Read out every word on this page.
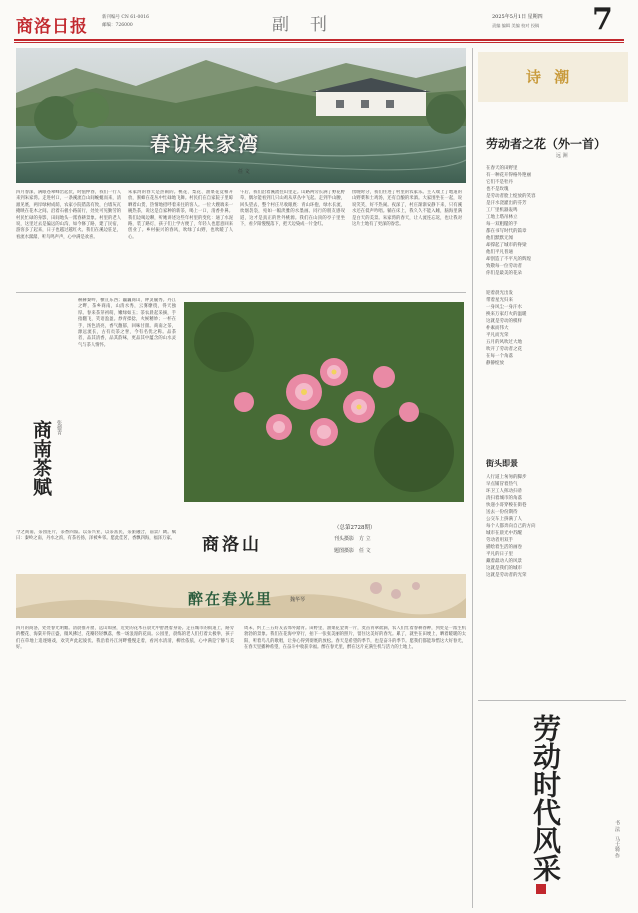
商洛日报	新刊编号 CN 61-0016
邮编：726000	副　刊	2025年5月1日 星期四
责编 编辑 美编 校对 投稿 7
春访朱家湾
任 文
四月春深，满眼苍翠峰峦起伏，时值仲春，我们一行人来到朱家湾。走进村口，一条溪流自山间蜿蜒而来，清澈见底，两岸绿树成荫，农家小院错落有致，白墙灰瓦掩映在花木之间。沿着石板小路前行，处处可见勤劳的村民忙碌的身影，田间地头一派春耕景象。村里的老人说，这里过去是偏远的山沟，如今修了路，建了民宿，游客多了起来，日子也越过越红火。我们在溪边驻足，看流水潺潺，听鸟鸣声声，心中满是欢喜。
朱家湾的春天是热闹的。桃花、梨花、油菜花竞相开放，蜜蜂在花丛中忙碌地飞舞。村民们在自家院子里晾晒着山货，热情地招呼着来往的客人。一位大嫂端来一碗热茶，说这是自家种的新茶，喝上一口，清香扑鼻。我们边喝边聊，听她讲述这些年村里的变化：通了水泥路，装了路灯，孩子们上学方便了，年轻人也愿意回来创业了。乡村振兴的春风，吹绿了山野，也吹暖了人心。
午后，我们沿着溪流往山里走。山路两旁长满了野花野草，偶尔能看到几只山鸡从草丛中飞起。走到半山腰，回头望去，整个村庄尽收眼底：青山环抱，绿水长流，炊烟袅袅，宛如一幅淡雅的水墨画。同行的朋友感叹道，这才是真正的世外桃源。我们在山顶的亭子里坐下，看夕阳慢慢落下，把天边染成一片金红。
傍晚时分，我们住进了村里的农家乐。主人端上了地道的山野菜和土鸡汤，还有自酿的米酒。大家围坐在一起，说说笑笑，好不热闹。夜深了，村庄渐渐安静下来，只有溪水还在低声吟唱。躺在床上，我久久不能入睡，脑海里满是白天的美景。朱家湾的春天，让人流连忘返，也让我对这片土地有了更深的眷恋。
商南茶赋 张德青
赫赫秦岭，横亘东西；巍巍商山，钟灵毓秀。丹江之畔，茶乡商南，山清水秀，云雾缭绕，得天独厚。春来茶芽初萌，嫩绿如玉；茶农晨起采摘，手指翻飞，笑语盈盈。炒青揉捻，火候精妙；一杯在手，汤色清亮，香气馥郁，回味甘甜。商南之茶，源远流长，古有贡茶之誉，今有名优之称。品茶者，品其清香，品其韵味，更品其中蕴含的山水灵气与茶人情怀。
今之商南，茶园连片，茶香四溢。以茶兴业，以茶富民，茶旅融合，前景广阔。赋曰：秦岭之南，丹水之滨，有茶名扬，泽被乡邻。愿此佳茗，香飘四海，福泽万家。 商洛山
（总第2728期）
刊头摄影　方 立
题图摄影　任 文
醉在春光里	魏华琴
四月的商洛，处处春光明媚。清晨推开窗，远山如黛，近处的花木在晨光中舒展着身姿。走在城市的街道上，路旁的樱花、海棠开得正盛，微风拂过，花瓣轻轻飘落，像一场浪漫的花雨。公园里，晨练的老人们打着太极拳，孩子们在草地上追逐嬉戏，欢笑声此起彼伏。我沿着丹江河畔慢慢走着，看河水清清，柳丝依依，心中满是宁静与美好。
周末，约上三五好友去郊外踏青。田野里，油菜花金黄一片，麦苗青翠欲滴，农人们忙着春耕春种，到处是一派生机勃勃的景象。我们在花海中穿行，拍下一张张美丽的照片，留住这美好的春光。累了，就坐在田埂上，晒着暖暖的太阳，听着鸟儿的歌唱，让身心得到彻底的放松。春天是希望的季节，也是奋斗的季节。愿我们都能珍惜这大好春光，在春天里播种希望，在奋斗中收获幸福。醉在春光里，醉在这片充满生机与活力的土地上。
诗 潮
劳动者之花（外一首）
远 洲
在春天的田野里
有一种花开得格外艳丽
它们不是牡丹
也不是玫瑰
是劳动者脸上绽放的笑容
是汗水浇灌出的芬芳
工厂里机器轰鸣
工地上塔吊林立
每一双粗糙的手
都在书写时代的篇章
他们默默无闻
却撑起了城市的脊梁
他们平凡普通
却创造了不平凡的辉煌
致敬每一位劳动者
你们是最美的花朵
迎着晨光出发
带着星光归来
一身风尘一身汗水
换来万家灯火的温暖
这就是劳动的模样
朴素而伟大
平凡而光荣
五月的风吹过大地
吹开了劳动者之花
在每一个角落
静静绽放
街头即景
人行道上匆匆的脚步
早点铺冒着热气
环卫工人挥动扫帚
清扫着城市的角落
快递小哥穿梭在街巷
送去一份份期待
公交车上挤满了人
每个人都奔向自己的方向
城市在晨光中苏醒
劳动者用双手
描绘着生活的画卷
平凡的日子里
藏着最动人的风景
这就是我们的城市
这就是劳动者的光荣
劳动时代风采	书 法　马士骑 作
